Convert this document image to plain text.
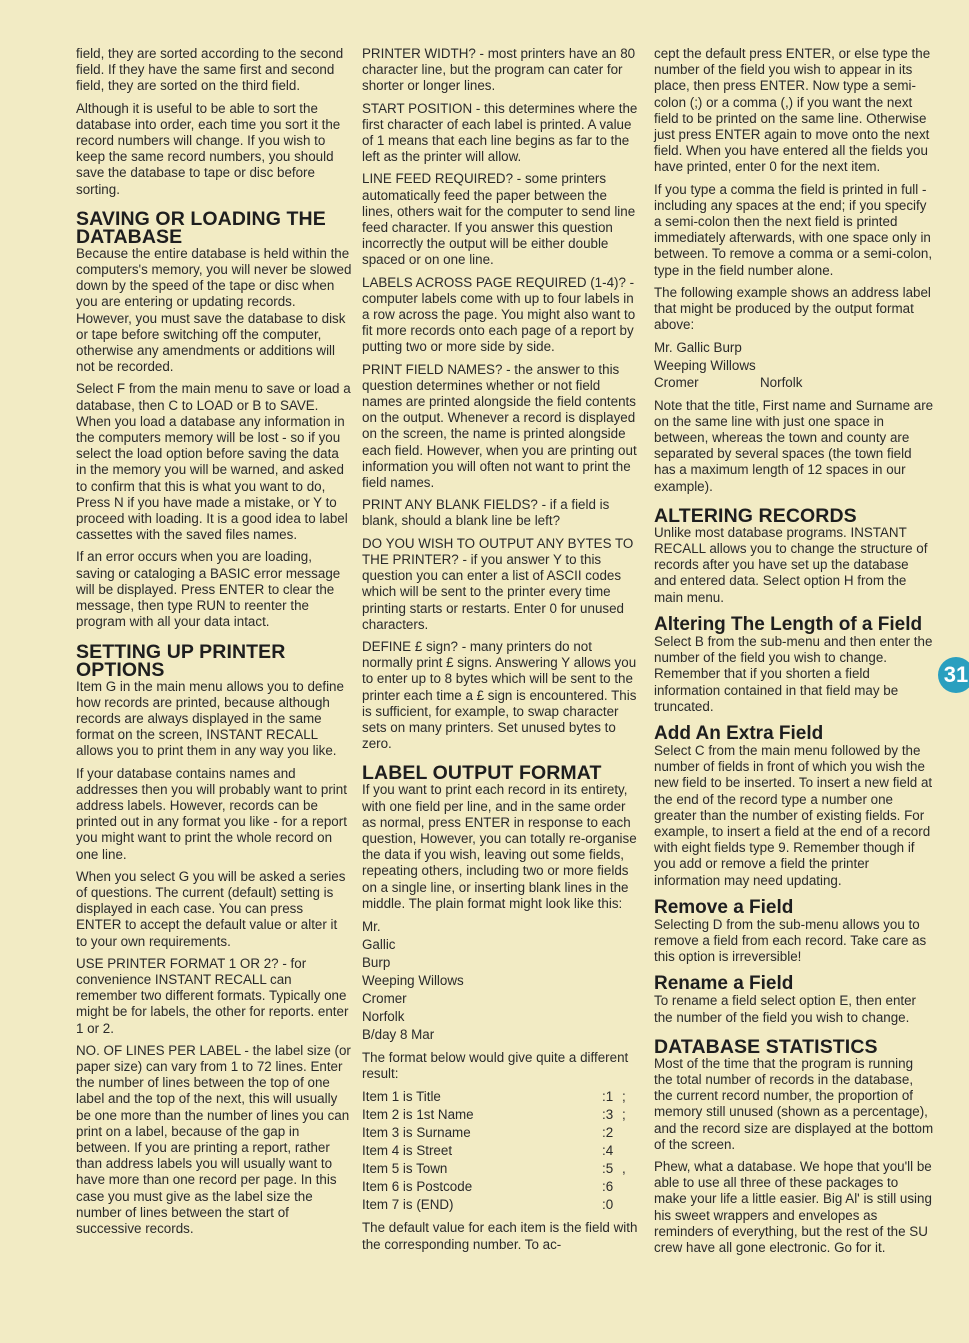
field, they are sorted according to the second field. If they have the same first and second field, they are sorted on the third field.

Although it is useful to be able to sort the database into order, each time you sort it the record numbers will change. If you wish to keep the same record numbers, you should save the database to tape or disc before sorting.

SAVING OR LOADING THE DATABASE

Because the entire database is held within the computers's memory, you will never be slowed down by the speed of the tape or disc when you are entering or updating records. However, you must save the database to disk or tape before switching off the computer, otherwise any amendments or additions will not be recorded.

Select F from the main menu to save or load a database, then C to LOAD or B to SAVE. When you load a database any information in the computers memory will be lost - so if you select the load option before saving the data in the memory you will be warned, and asked to confirm that this is what you want to do, Press N if you have made a mistake, or Y to proceed with loading. It is a good idea to label cassettes with the saved files names.

If an error occurs when you are loading, saving or cataloging a BASIC error message will be displayed. Press ENTER to clear the message, then type RUN to reenter the program with all your data intact.

SETTING UP PRINTER OPTIONS

Item G in the main menu allows you to define how records are printed, because although records are always displayed in the same format on the screen, INSTANT RECALL allows you to print them in any way you like.

If your database contains names and addresses then you will probably want to print address labels. However, records can be printed out in any format you like - for a report you might want to print the whole record on one line.

When you select G you will be asked a series of questions. The current (default) setting is displayed in each case. You can press ENTER to accept the default value or alter it to your own requirements.

USE PRINTER FORMAT 1 OR 2? - for convenience INSTANT RECALL can remember two different formats. Typically one might be for labels, the other for reports. enter 1 or 2.

NO. OF LINES PER LABEL - the label size (or paper size) can vary from 1 to 72 lines. Enter the number of lines between the top of one label and the top of the next, this will usually be one more than the number of lines you can print on a label, because of the gap in between. If you are printing a report, rather than address labels you will usually want to have more than one record per page. In this case you must give as the label size the number of lines between the start of successive records.

PRINTER WIDTH? - most printers have an 80 character line, but the program can cater for shorter or longer lines.

START POSITION - this determines where the first character of each label is printed. A value of 1 means that each line begins as far to the left as the printer will allow.

LINE FEED REQUIRED? - some printers automatically feed the paper between the lines, others wait for the computer to send line feed character. If you answer this question incorrectly the output will be either double spaced or on one line.

LABELS ACROSS PAGE REQUIRED (1-4)? - computer labels come with up to four labels in a row across the page. You might also want to fit more records onto each page of a report by putting two or more side by side.

PRINT FIELD NAMES? - the answer to this question determines whether or not field names are printed alongside the field contents on the output. Whenever a record is displayed on the screen, the name is printed alongside each field. However, when you are printing out information you will often not want to print the field names.

PRINT ANY BLANK FIELDS? - if a field is blank, should a blank line be left?

DO YOU WISH TO OUTPUT ANY BYTES TO THE PRINTER? - if you answer Y to this question you can enter a list of ASCII codes which will be sent to the printer every time printing starts or restarts. Enter 0 for unused characters.

DEFINE £ sign? - many printers do not normally print £ signs. Answering Y allows you to enter up to 8 bytes which will be sent to the printer each time a £ sign is encountered. This is sufficient, for example, to swap character sets on many printers. Set unused bytes to zero.

LABEL OUTPUT FORMAT

If you want to print each record in its entirety, with one field per line, and in the same order as normal, press ENTER in response to each question, However, you can totally re-organise the data if you wish, leaving out some fields, repeating others, including two or more fields on a single line, or inserting blank lines in the middle. The plain format might look like this:

Mr.
Gallic
Burp
Weeping Willows
Cromer
Norfolk
B/day 8 Mar

The format below would give quite a different result:

Item 1 is Title	:1 ;
Item 2 is 1st Name	:3 ;
Item 3 is Surname	:2
Item 4 is Street	:4
Item 5 is Town	:5 ,
Item 6 is Postcode	:6
Item 7 is (END)	:0

The default value for each item is the field with the corresponding number. To ac-

cept the default press ENTER, or else type the number of the field you wish to appear in its place, then press ENTER. Now type a semi-colon (;) or a comma (,) if you want the next field to be printed on the same line. Otherwise just press ENTER again to move onto the next field. When you have entered all the fields you have printed, enter 0 for the next item.

If you type a comma the field is printed in full - including any spaces at the end; if you specify a semi-colon then the next field is printed immediately afterwards, with one space only in between. To remove a comma or a semi-colon, type in the field number alone.

The following example shows an address label that might be produced by the output format above:

Mr. Gallic Burp
Weeping Willows
Cromer	Norfolk

Note that the title, First name and Surname are on the same line with just one space in between, whereas the town and county are separated by several spaces (the town field has a maximum length of 12 spaces in our example).

ALTERING RECORDS

Unlike most database programs. INSTANT RECALL allows you to change the structure of records after you have set up the database and entered data. Select option H from the main menu.

Altering The Length of a Field

Select B from the sub-menu and then enter the number of the field you wish to change. Remember that if you shorten a field information contained in that field may be truncated.

Add An Extra Field

Select C from the main menu followed by the number of fields in front of which you wish the new field to be inserted. To insert a new field at the end of the record type a number one greater than the number of existing fields. For example, to insert a field at the end of a record with eight fields type 9. Remember though if you add or remove a field the printer information may need updating.

Remove a Field

Selecting D from the sub-menu allows you to remove a field from each record. Take care as this option is irreversible!

Rename a Field

To rename a field select option E, then enter the number of the field you wish to change.

DATABASE STATISTICS

Most of the time that the program is running the total number of records in the database, the current record number, the proportion of memory still unused (shown as a percentage), and the record size are displayed at the bottom of the screen.

Phew, what a database. We hope that you'll be able to use all three of these packages to make your life a little easier. Big Al' is still using his sweet wrappers and envelopes as reminders of everything, but the rest of the SU crew have all gone electronic. Go for it.

31
